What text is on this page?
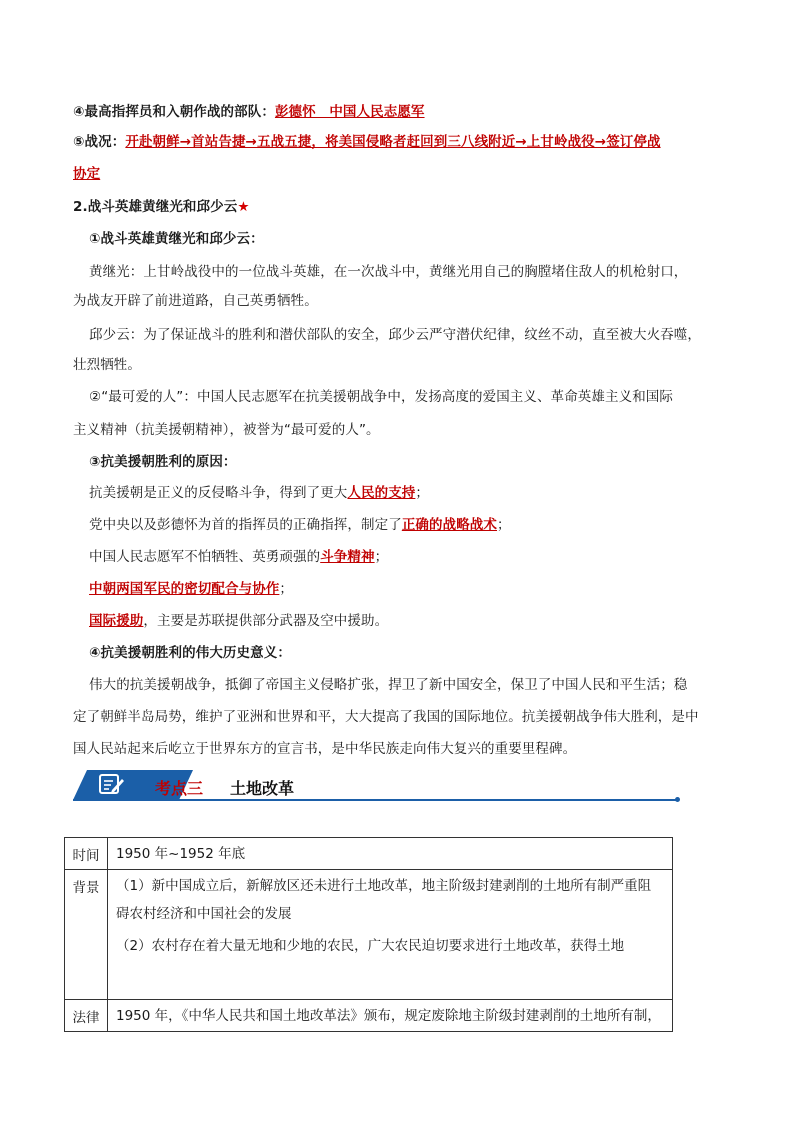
④最高指挥员和入朝作战的部队：彭德怀　中国人民志愿军
⑤战况：开赴朝鲜→首站告捷→五战五捷，将美国侵略者赶回到三八线附近→上甘岭战役→签订停战
协定
2.战斗英雄黄继光和邱少云★
①战斗英雄黄继光和邱少云：
黄继光：上甘岭战役中的一位战斗英雄，在一次战斗中，黄继光用自己的胸膛堵住敌人的机枪射口，
为战友开辟了前进道路，自己英勇牺牲。
邱少云：为了保证战斗的胜利和潜伏部队的安全，邱少云严守潜伏纪律，纹丝不动，直至被大火吞噬，
壮烈牺牲。
②“最可爱的人”：中国人民志愿军在抗美援朝战争中，发扬高度的爱国主义、革命英雄主义和国际
主义精神（抗美援朝精神），被誉为“最可爱的人”。
③抗美援朝胜利的原因：
抗美援朝是正义的反侵略斗争，得到了更大人民的支持；
党中央以及彭德怀为首的指挥员的正确指挥，制定了正确的战略战术；
中国人民志愿军不怕牺牲、英勇顽强的斗争精神；
中朝两国军民的密切配合与协作；
国际援助，主要是苏联提供部分武器及空中援助。
④抗美援朝胜利的伟大历史意义：
伟大的抗美援朝战争，抵御了帝国主义侵略扩张，捍卫了新中国安全，保卫了中国人民和平生活；稳
定了朝鲜半岛局势，维护了亚洲和世界和平，大大提高了我国的国际地位。抗美援朝战争伟大胜利，是中
国人民站起来后屹立于世界东方的宣言书，是中华民族走向伟大复兴的重要里程碑。
考点三 土地改革
时间	1950 年~1952 年底

背景	（1）新中国成立后，新解放区还未进行土地改革，地主阶级封建剥削的土地所有制严重阻
碍农村经济和中国社会的发展
（2）农村存在着大量无地和少地的农民，广大农民迫切要求进行土地改革，获得土地

法律	1950 年，《中华人民共和国土地改革法》颁布，规定废除地主阶级封建剥削的土地所有制，
